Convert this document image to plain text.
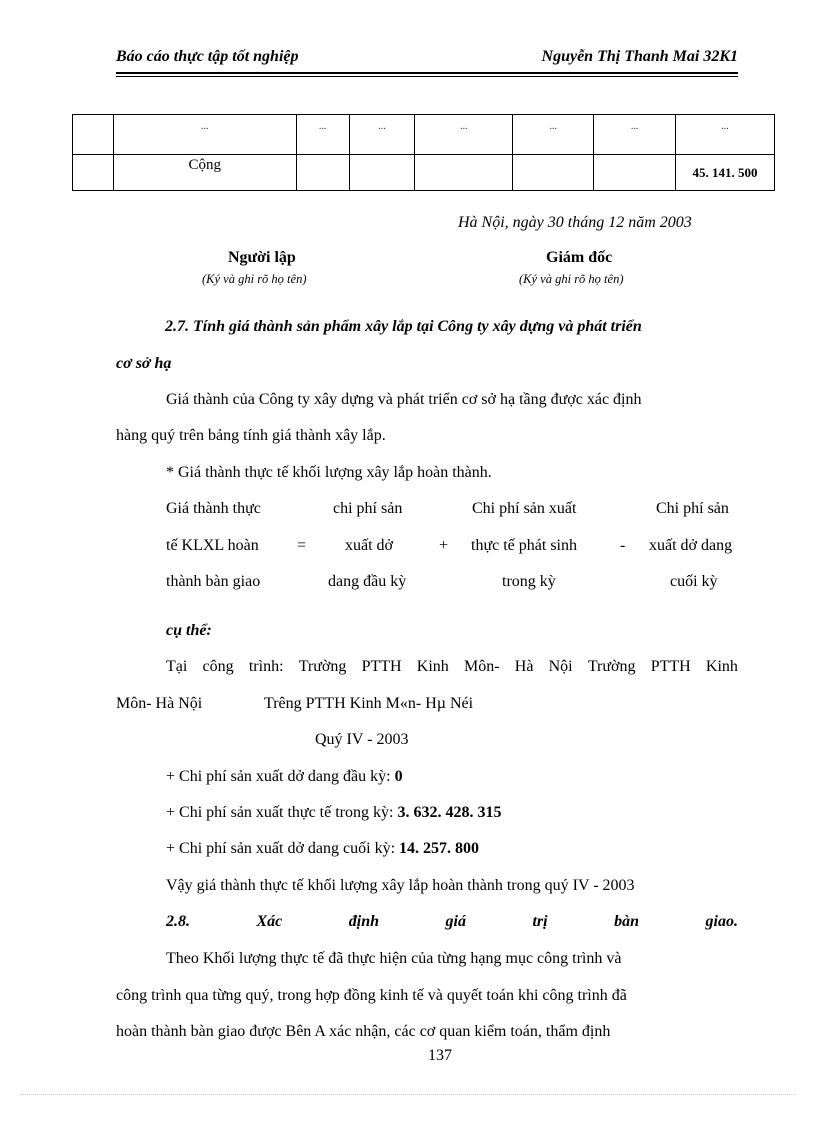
Báo cáo thực tập tốt nghiệp	Nguyễn Thị Thanh Mai 32K1
	...	...	...	...	...	...	...
	Cộng						45. 141. 500
Hà Nội, ngày 30 tháng 12 năm 2003
Người lập
(Ký và ghi rõ họ tên)
Giám đốc
(Ký và ghi rõ họ tên)
2.7. Tính giá thành sản phẩm xây lắp tại Công ty xây dựng và phát triển
cơ sở hạ
Giá thành của Công ty xây dựng và phát triển cơ sở hạ tầng được xác định
hàng quý trên bảng tính giá thành xây lắp.
* Giá thành thực tế khối lượng xây lắp hoàn thành.
Giá thành thực
tế KLXL hoàn
thành bàn giao
=
chi phí sản
xuất dở
dang đầu kỳ
+
Chi phí sản xuất
thực tế phát sinh
trong kỳ
-
Chi phí sản
xuất dở dang
cuối kỳ
cụ thể:
Tại công trình: Trường PTTH Kinh Môn- Hà Nội Trường PTTH Kinh
Môn- Hà Nội	Trêng PTTH Kinh M«n- Hµ Néi
Quý IV - 2003
+ Chi phí sản xuất dở dang đầu kỳ: 0
+ Chi phí sản xuất thực tế trong kỳ: 3. 632. 428. 315
+ Chi phí sản xuất dở dang cuối kỳ: 14. 257. 800
Vậy giá thành thực tế khối lượng xây lắp hoàn thành trong quý IV - 2003
2.8.	Xác	định	giá	trị	bàn	giao.
Theo Khối lượng thực tế đã thực hiện của từng hạng mục công trình và
công trình qua từng quý, trong hợp đồng kinh tế và quyết toán khi công trình đã
hoàn thành bàn giao được Bên A xác nhận, các cơ quan kiểm toán, thẩm định
137
